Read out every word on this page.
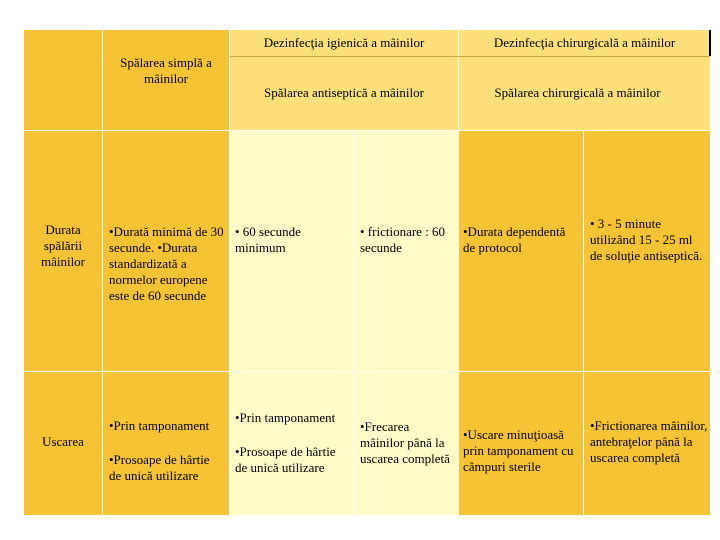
Dezinfecţia igienică a mâinilor	Dezinfecţia chirurgicală a mâinilor
Spălarea simplă a mâinilor
Spălarea antiseptică a mâinilor	Spălarea chirurgicală a mâinilor
Durata spălării mâinilor
Uscarea
•Durată minimă de 30 secunde. •Durata standardizată a normelor europene este de 60 secunde
• 60 secunde minimum
• frictionare : 60 secunde
•Durata dependentă de protocol
• 3 - 5 minute utilizând 15 - 25 ml de soluţie antiseptică.
•Prin tamponament
•Prosoape de hârtie de unică utilizare
•Prin tamponament
•Prosoape de hârtie de unică utilizare
•Frecarea mâinilor până la uscarea completă
•Uscare minuţioasă prin tamponament cu câmpuri sterile
•Frictionarea mâinilor, antebraţelor până la uscarea completă
